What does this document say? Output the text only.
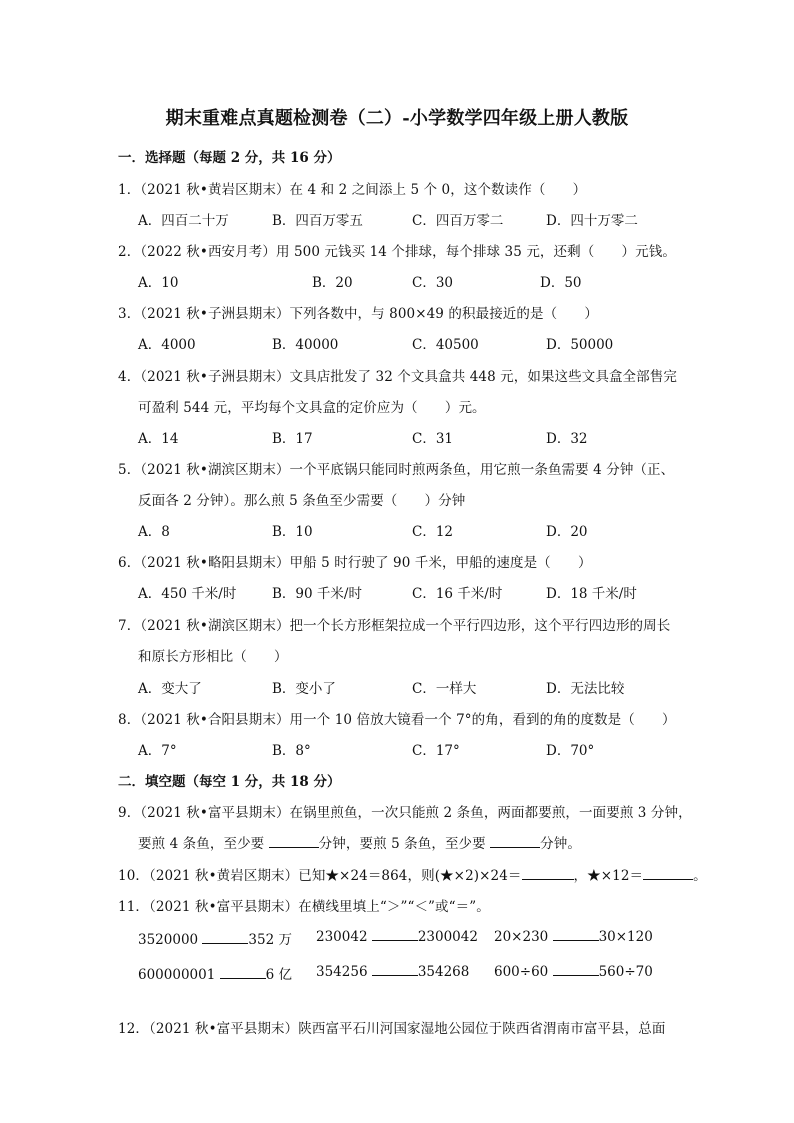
期末重难点真题检测卷（二）-小学数学四年级上册人教版
一．选择题（每题 2 分，共 16 分）
1．（2021 秋•黄岩区期末）在 4 和 2 之间添上 5 个 0，这个数读作（　　）
A．四百二十万	B．四百万零五	C．四百万零二	D．四十万零二
2．（2022 秋•西安月考）用 500 元钱买 14 个排球，每个排球 35 元，还剩（　　）元钱。
A．10	B．20	C．30	D．50
3．（2021 秋•子洲县期末）下列各数中，与 800×49 的积最接近的是（　　）
A．4000	B．40000	C．40500	D．50000
4．（2021 秋•子洲县期末）文具店批发了 32 个文具盒共 448 元，如果这些文具盒全部售完
可盈利 544 元，平均每个文具盒的定价应为（　　）元。
A．14	B．17	C．31	D．32
5．（2021 秋•湖滨区期末）一个平底锅只能同时煎两条鱼，用它煎一条鱼需要 4 分钟（正、
反面各 2 分钟）。那么煎 5 条鱼至少需要（　　）分钟
A．8	B．10	C．12	D．20
6．（2021 秋•略阳县期末）甲船 5 时行驶了 90 千米，甲船的速度是（　　）
A．450 千米/时	B．90 千米/时	C．16 千米/时	D．18 千米/时
7．（2021 秋•湖滨区期末）把一个长方形框架拉成一个平行四边形，这个平行四边形的周长
和原长方形相比（　　）
A．变大了	B．变小了	C．一样大	D．无法比较
8．（2021 秋•合阳县期末）用一个 10 倍放大镜看一个 7°的角，看到的角的度数是（　　）
A．7°	B．8°	C．17°	D．70°
二．填空题（每空 1 分，共 18 分）
9．（2021 秋•富平县期末）在锅里煎鱼，一次只能煎 2 条鱼，两面都要煎，一面要煎 3 分钟，
要煎 4 条鱼，至少要	分钟，要煎 5 条鱼，至少要	分钟。
10．（2021 秋•黄岩区期末）已知★×24＝864，则(★×2)×24＝	，★×12＝	。
11．（2021 秋•富平县期末）在横线里填上“＞”“＜”或“＝”。
3520000	352 万 230042	2300042 20×230	30×120
600000001	6 亿 354256	354268 600÷60	560÷70
12．（2021 秋•富平县期末）陕西富平石川河国家湿地公园位于陕西省渭南市富平县，总面
